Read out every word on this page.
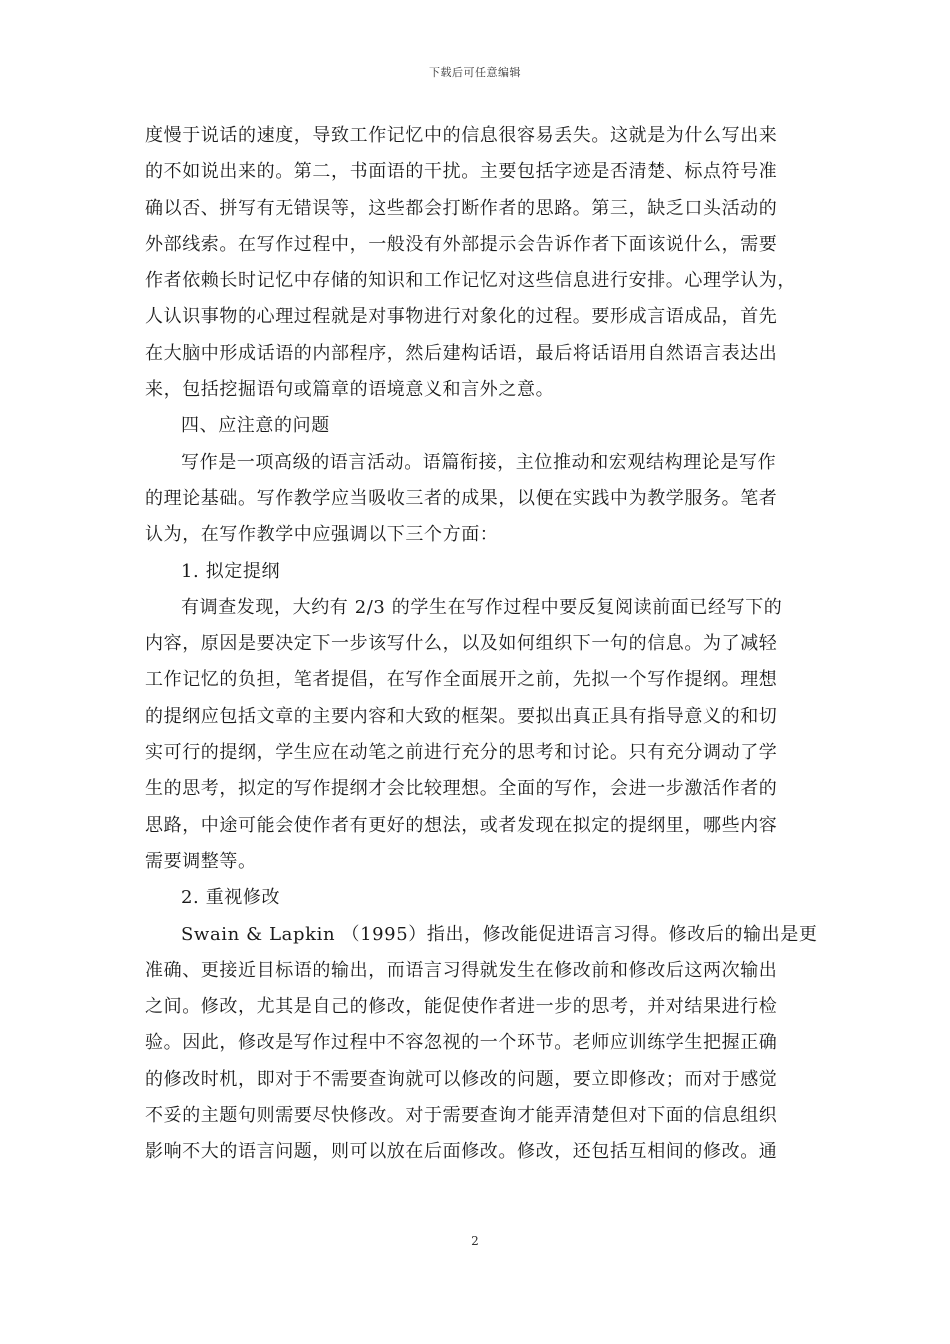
下载后可任意编辑
度慢于说话的速度，导致工作记忆中的信息很容易丢失。这就是为什么写出来
的不如说出来的。第二，书面语的干扰。主要包括字迹是否清楚、标点符号准
确以否、拼写有无错误等，这些都会打断作者的思路。第三，缺乏口头活动的
外部线索。在写作过程中，一般没有外部提示会告诉作者下面该说什么，需要
作者依赖长时记忆中存储的知识和工作记忆对这些信息进行安排。心理学认为，
人认识事物的心理过程就是对事物进行对象化的过程。要形成言语成品，首先
在大脑中形成话语的内部程序，然后建构话语，最后将话语用自然语言表达出
来，包括挖掘语句或篇章的语境意义和言外之意。
四、应注意的问题
写作是一项高级的语言活动。语篇衔接，主位推动和宏观结构理论是写作
的理论基础。写作教学应当吸收三者的成果，以便在实践中为教学服务。笔者
认为，在写作教学中应强调以下三个方面：
1. 拟定提纲
有调查发现，大约有 2/3 的学生在写作过程中要反复阅读前面已经写下的
内容，原因是要决定下一步该写什么，以及如何组织下一句的信息。为了减轻
工作记忆的负担，笔者提倡，在写作全面展开之前，先拟一个写作提纲。理想
的提纲应包括文章的主要内容和大致的框架。要拟出真正具有指导意义的和切
实可行的提纲，学生应在动笔之前进行充分的思考和讨论。只有充分调动了学
生的思考，拟定的写作提纲才会比较理想。全面的写作，会进一步激活作者的
思路，中途可能会使作者有更好的想法，或者发现在拟定的提纲里，哪些内容
需要调整等。
2. 重视修改
Swain & Lapkin （1995）指出，修改能促进语言习得。修改后的输出是更
准确、更接近目标语的输出，而语言习得就发生在修改前和修改后这两次输出
之间。修改，尤其是自己的修改，能促使作者进一步的思考，并对结果进行检
验。因此，修改是写作过程中不容忽视的一个环节。老师应训练学生把握正确
的修改时机，即对于不需要查询就可以修改的问题，要立即修改；而对于感觉
不妥的主题句则需要尽快修改。对于需要查询才能弄清楚但对下面的信息组织
影响不大的语言问题，则可以放在后面修改。修改，还包括互相间的修改。通
2
